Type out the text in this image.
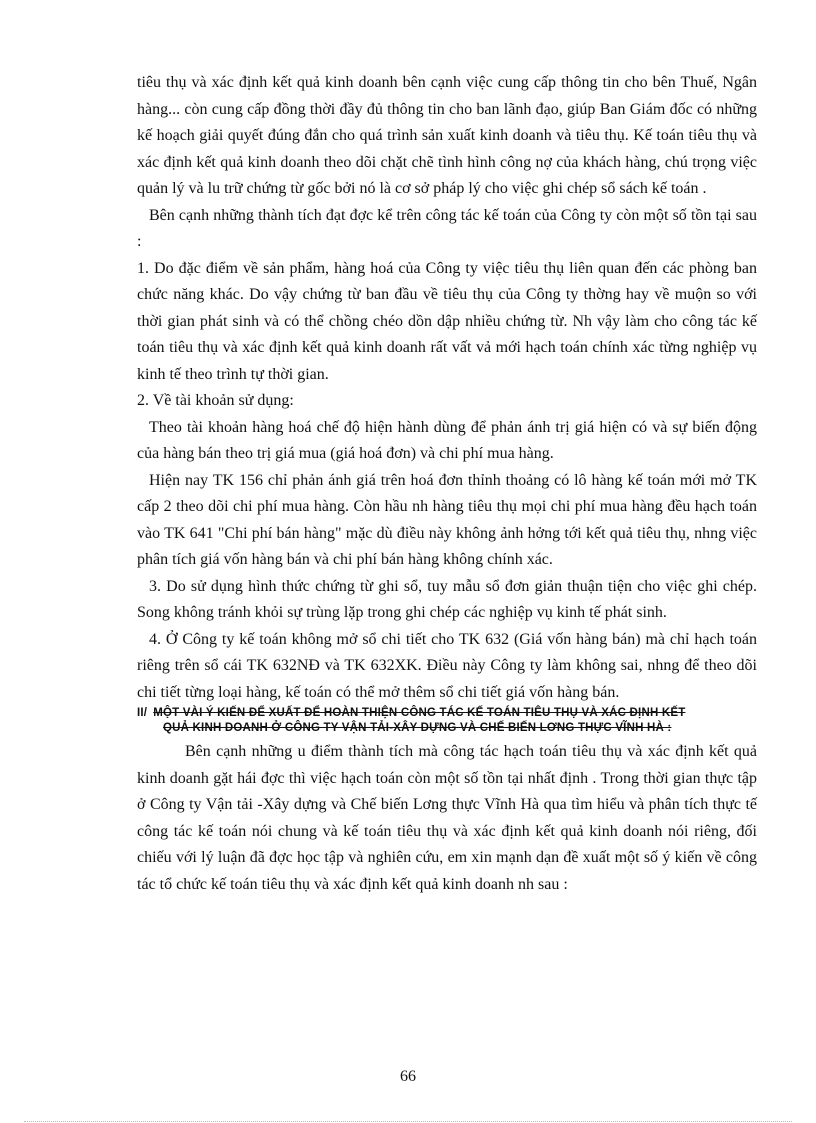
tiêu thụ và xác định kết quả kinh doanh bên cạnh việc cung cấp thông tin cho bên Thuế, Ngân hàng... còn cung cấp đồng thời đầy đủ thông tin cho ban lãnh đạo, giúp Ban Giám đốc có những kế hoạch giải quyết đúng đắn cho quá trình sản xuất kinh doanh và tiêu thụ. Kế toán tiêu thụ và xác định kết quả kinh doanh theo dõi chặt chẽ tình hình công nợ của khách hàng, chú trọng việc quản lý và lu trữ chứng từ gốc bởi nó là cơ sở pháp lý cho việc ghi chép sổ sách kế toán .

Bên cạnh những thành tích đạt đợc kể trên công tác kế toán của Công ty còn một số tồn tại sau :

1. Do đặc điểm về sản phẩm, hàng hoá của Công ty việc tiêu thụ liên quan đến các phòng ban chức năng khác. Do vậy chứng từ ban đầu về tiêu thụ của Công ty thờng hay về muộn so với thời gian phát sinh và có thể chồng chéo dồn dập nhiều chứng từ. Nh vậy làm cho công tác kế toán tiêu thụ và xác định kết quả kinh doanh rất vất vả mới hạch toán chính xác từng nghiệp vụ kinh tế theo trình tự thời gian.

2. Về tài khoản sử dụng:

Theo tài khoản hàng hoá chế độ hiện hành dùng để phản ánh trị giá hiện có và sự biến động của hàng bán theo trị giá mua (giá hoá đơn) và chi phí mua hàng.

Hiện nay TK 156 chỉ phản ánh giá trên hoá đơn thỉnh thoảng có lô hàng kế toán mới mở TK cấp 2 theo dõi chi phí mua hàng. Còn hầu nh hàng tiêu thụ mọi chi phí mua hàng đều hạch toán vào TK 641 "Chi phí bán hàng" mặc dù điều này không ảnh hởng tới kết quả tiêu thụ, nhng việc phân tích giá vốn hàng bán và chi phí bán hàng không chính xác.

3. Do sử dụng hình thức chứng từ ghi sổ, tuy mẫu sổ đơn giản thuận tiện cho việc ghi chép. Song không tránh khỏi sự trùng lặp trong ghi chép các nghiệp vụ kinh tế phát sinh.

4. Ở Công ty kế toán không mở sổ chi tiết cho TK 632 (Giá vốn hàng bán) mà chỉ hạch toán riêng trên sổ cái TK 632NĐ và TK 632XK. Điều này Công ty làm không sai, nhng để theo dõi chi tiết từng loại hàng, kế toán có thể mở thêm sổ chi tiết giá vốn hàng bán.

II/ MỘT VÀI Ý KIẾN ĐỂ XUẤT ĐỂ HOÀN THIỆN CÔNG TÁC KẾ TOÁN TIÊU THỤ VÀ XÁC ĐỊNH KẾT
QUẢ KINH DOANH Ở CÔNG TY VẬN TẢI-XÂY DỰNG VÀ CHẾ BIẾN LƠNG THỰC VĨNH HÀ :

Bên cạnh những u điểm thành tích mà công tác hạch toán tiêu thụ và xác định kết quả kinh doanh gặt hái đợc thì việc hạch toán còn một số tồn tại nhất định . Trong thời gian thực tập ở Công ty Vận tải -Xây dựng và Chế biến Lơng thực Vĩnh Hà qua tìm hiểu và phân tích thực tế công tác kế toán nói chung và kế toán tiêu thụ và xác định kết quả kinh doanh nói riêng, đối chiếu với lý luận đã đợc học tập và nghiên cứu, em xin mạnh dạn đề xuất một số ý kiến về công tác tổ chức kế toán tiêu thụ và xác định kết quả kinh doanh nh sau :

66
